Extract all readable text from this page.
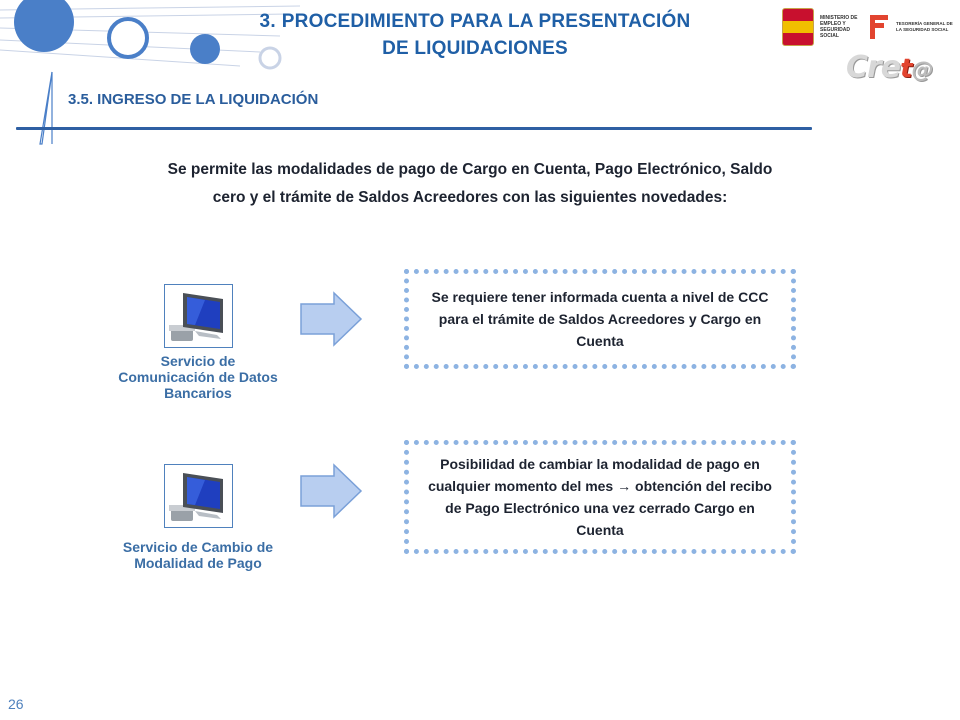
3. PROCEDIMIENTO PARA LA PRESENTACIÓN
DE LIQUIDACIONES
MINISTERIO DE EMPLEO Y SEGURIDAD SOCIAL
TESORERÍA GENERAL DE LA SEGURIDAD SOCIAL
Cret@
3.5. INGRESO DE LA LIQUIDACIÓN
Se permite las modalidades de pago de Cargo en Cuenta, Pago Electrónico, Saldo
cero y el trámite de Saldos Acreedores con las siguientes novedades:
Servicio de Comunicación de Datos Bancarios
Se requiere tener informada cuenta a nivel de CCC para el trámite de Saldos Acreedores y Cargo en Cuenta
Servicio de Cambio de Modalidad de Pago
Posibilidad de cambiar la modalidad de pago en cualquier momento del mes → obtención del recibo de Pago Electrónico una vez cerrado Cargo en Cuenta
26
